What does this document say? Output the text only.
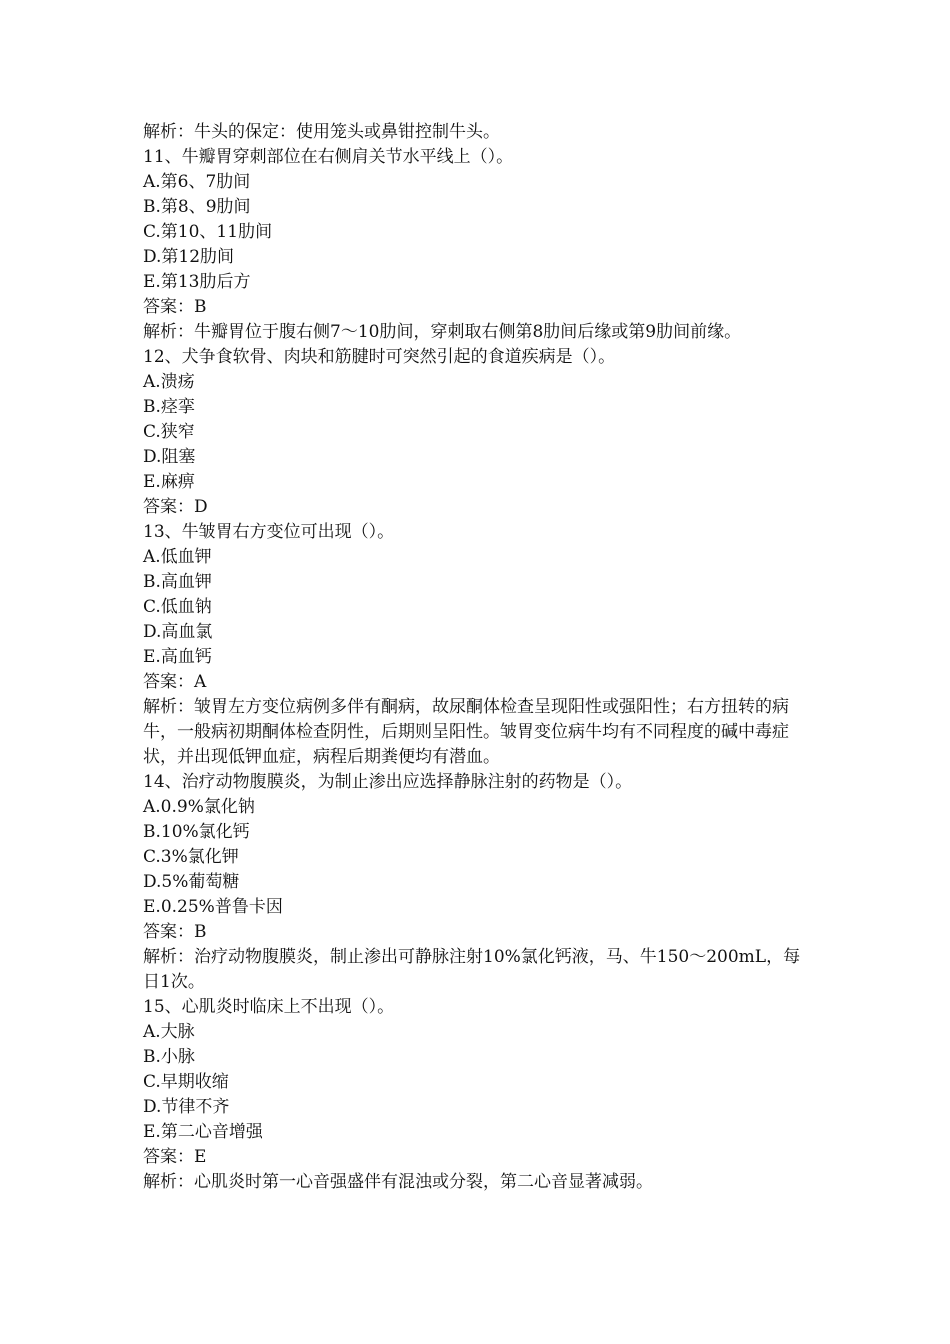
解析：牛头的保定：使用笼头或鼻钳控制牛头。

11、牛瓣胃穿刺部位在右侧肩关节水平线上（）。

A.第6、7肋间

B.第8、9肋间

C.第10、11肋间

D.第12肋间

E.第13肋后方

答案：B

解析：牛瓣胃位于腹右侧7～10肋间，穿刺取右侧第8肋间后缘或第9肋间前缘。

12、犬争食软骨、肉块和筋腱时可突然引起的食道疾病是（）。

A.溃疡

B.痉挛

C.狭窄

D.阻塞

E.麻痹

答案：D

13、牛皱胃右方变位可出现（）。

A.低血钾

B.高血钾

C.低血钠

D.高血氯

E.高血钙

答案：A

解析：皱胃左方变位病例多伴有酮病，故尿酮体检查呈现阳性或强阳性；右方扭转的病牛，一般病初期酮体检查阴性，后期则呈阳性。皱胃变位病牛均有不同程度的碱中毒症状，并出现低钾血症，病程后期粪便均有潜血。

14、治疗动物腹膜炎，为制止渗出应选择静脉注射的药物是（）。

A.0.9%氯化钠

B.10%氯化钙

C.3%氯化钾

D.5%葡萄糖

E.0.25%普鲁卡因

答案：B

解析：治疗动物腹膜炎，制止渗出可静脉注射10%氯化钙液，马、牛150～200mL，每日1次。

15、心肌炎时临床上不出现（）。

A.大脉

B.小脉

C.早期收缩

D.节律不齐

E.第二心音增强

答案：E

解析：心肌炎时第一心音强盛伴有混浊或分裂，第二心音显著减弱。
